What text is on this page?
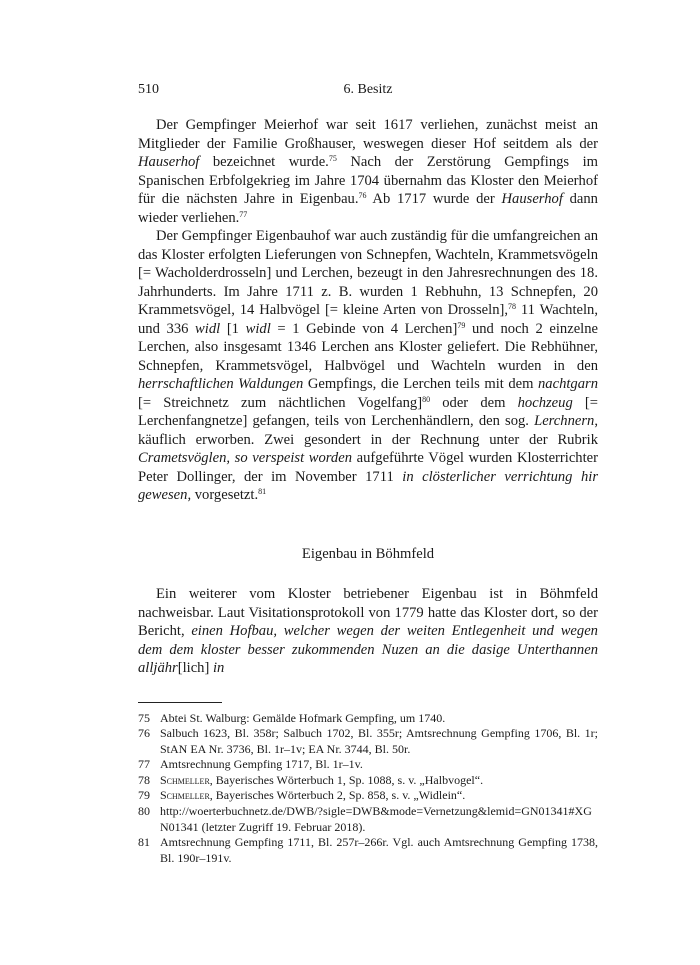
510	6. Besitz

Der Gempfinger Meierhof war seit 1617 verliehen, zunächst meist an Mitglieder der Familie Großhauser, weswegen dieser Hof seitdem als der Hauserhof bezeichnet wurde.$^{75}$ Nach der Zerstörung Gempfings im Spanischen Erbfolgekrieg im Jahre 1704 übernahm das Kloster den Meierhof für die nächsten Jahre in Eigenbau.$^{76}$ Ab 1717 wurde der Hauserhof dann wieder verliehen.$^{77}$

Der Gempfinger Eigenbauhof war auch zuständig für die umfangreichen an das Kloster erfolgten Lieferungen von Schnepfen, Wachteln, Krammetsvögeln [= Wacholderdrosseln] und Lerchen, bezeugt in den Jahresrechnungen des 18. Jahrhunderts. Im Jahre 1711 z. B. wurden 1 Rebhuhn, 13 Schnepfen, 20 Krammetsvögel, 14 Halbvögel [= kleine Arten von Drosseln],$^{78}$ 11 Wachteln, und 336 widl [1 widl = 1 Gebinde von 4 Lerchen]$^{79}$ und noch 2 einzelne Lerchen, also insgesamt 1346 Lerchen ans Kloster geliefert. Die Rebhühner, Schnepfen, Krammetsvögel, Halbvögel und Wachteln wurden in den herrschaftlichen Waldungen Gempfings, die Lerchen teils mit dem nachtgarn [= Streichnetz zum nächtlichen Vogelfang]$^{80}$ oder dem hochzeug [= Lerchenfangnetze] gefangen, teils von Lerchenhändlern, den sog. Lerchnern, käuflich erworben. Zwei gesondert in der Rechnung unter der Rubrik Crametsvöglen, so verspeist worden aufgeführte Vögel wurden Klosterrichter Peter Dollinger, der im November 1711 in clösterlicher verrichtung hir gewesen, vorgesetzt.$^{81}$

Eigenbau in Böhmfeld

Ein weiterer vom Kloster betriebener Eigenbau ist in Böhmfeld nachweisbar. Laut Visitationsprotokoll von 1779 hatte das Kloster dort, so der Bericht, einen Hofbau, welcher wegen der weiten Entlegenheit und wegen dem dem kloster besser zukommenden Nuzen an die dasige Unterthannen alljähr[lich] in

75 Abtei St. Walburg: Gemälde Hofmark Gempfing, um 1740.
76 Salbuch 1623, Bl. 358r; Salbuch 1702, Bl. 355r; Amtsrechnung Gempfing 1706, Bl. 1r; StAN EA Nr. 3736, Bl. 1r–1v; EA Nr. 3744, Bl. 50r.
77 Amtsrechnung Gempfing 1717, Bl. 1r–1v.
78 Schmeller, Bayerisches Wörterbuch 1, Sp. 1088, s. v. „Halbvogel“.
79 Schmeller, Bayerisches Wörterbuch 2, Sp. 858, s. v. „Widlein“.
80 http://woerterbuchnetz.de/DWB/?sigle=DWB&mode=Vernetzung&lemid=GN01341#XGN01341 (letzter Zugriff 19. Februar 2018).
81 Amtsrechnung Gempfing 1711, Bl. 257r–266r. Vgl. auch Amtsrechnung Gempfing 1738, Bl. 190r–191v.
